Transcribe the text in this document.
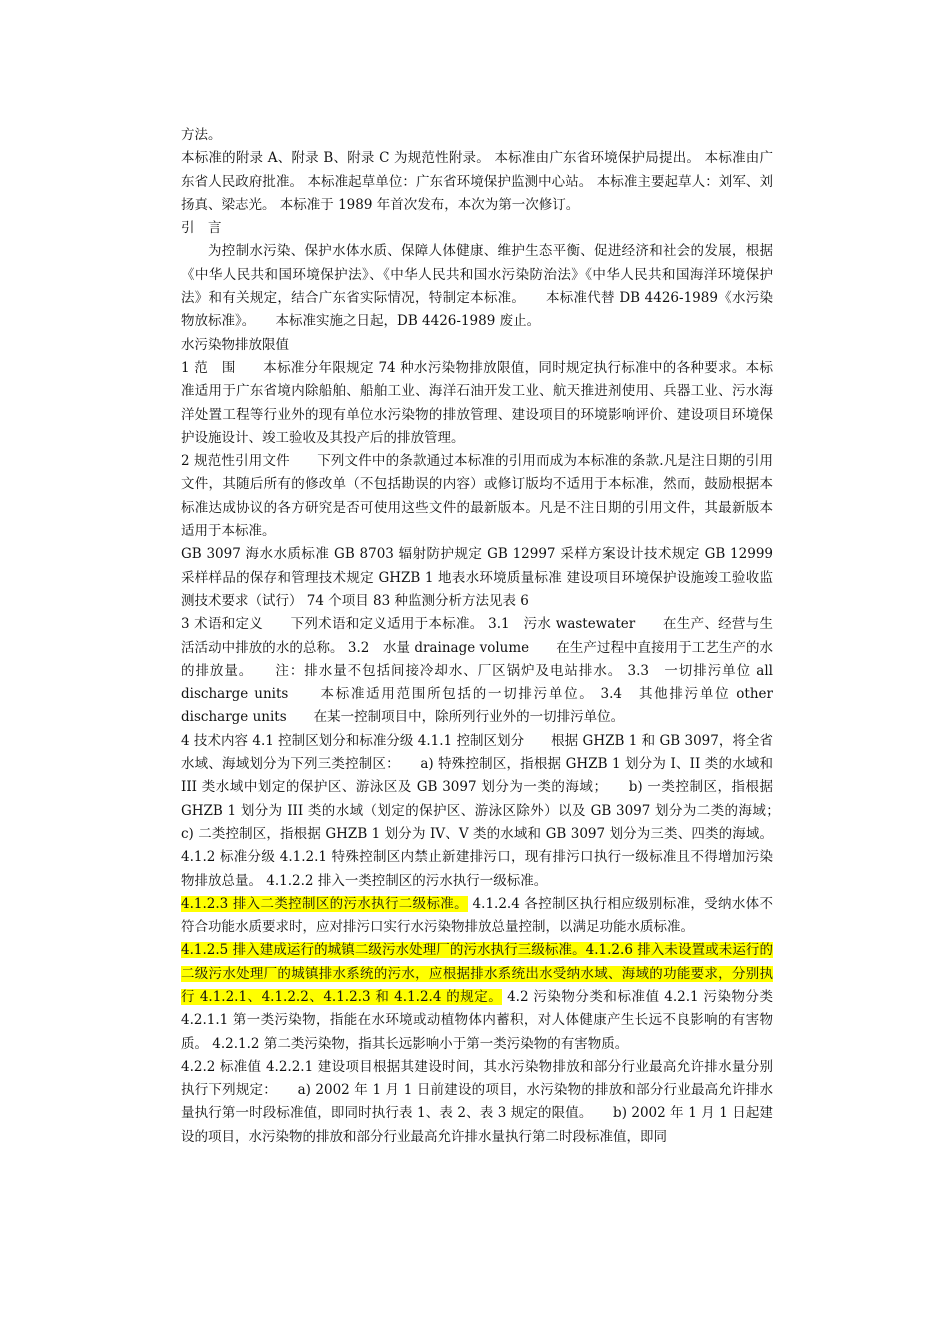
方法。

本标准的附录 A、附录 B、附录 C 为规范性附录。 本标准由广东省环境保护局提出。 本标准由广东省人民政府批准。 本标准起草单位：广东省环境保护监测中心站。 本标准主要起草人：刘军、刘扬真、梁志光。 本标准于 1989 年首次发布，本次为第一次修订。

引　言

为控制水污染、保护水体水质、保障人体健康、维护生态平衡、促进经济和社会的发展，根据《中华人民共和国环境保护法》、《中华人民共和国水污染防治法》《中华人民共和国海洋环境保护法》和有关规定，结合广东省实际情况，特制定本标准。　　本标准代替 DB 4426-1989《水污染物放标准》。　　本标准实施之日起，DB 4426-1989 废止。

水污染物排放限值

1 范　围　　本标准分年限规定 74 种水污染物排放限值，同时规定执行标准中的各种要求。本标准适用于广东省境内除船舶、船舶工业、海洋石油开发工业、航天推进剂使用、兵器工业、污水海洋处置工程等行业外的现有单位水污染物的排放管理、建设项目的环境影响评价、建设项目环境保护设施设计、竣工验收及其投产后的排放管理。

2 规范性引用文件　　下列文件中的条款通过本标准的引用而成为本标准的条款.凡是注日期的引用文件，其随后所有的修改单（不包括勘误的内容）或修订版均不适用于本标准，然而，鼓励根据本标准达成协议的各方研究是否可使用这些文件的最新版本。凡是不注日期的引用文件，其最新版本适用于本标准。

GB 3097 海水水质标准 GB 8703 辐射防护规定 GB 12997 采样方案设计技术规定 GB 12999 采样样品的保存和管理技术规定 GHZB 1 地表水环境质量标准 建设项目环境保护设施竣工验收监测技术要求（试行） 74 个项目 83 种监测分析方法见表 6

3 术语和定义　　下列术语和定义适用于本标准。 3.1　污水 wastewater　　在生产、经营与生活活动中排放的水的总称。 3.2　水量 drainage volume　　在生产过程中直接用于工艺生产的水的排放量。　　注：排水量不包括间接冷却水、厂区锅炉及电站排水。 3.3　一切排污单位 all discharge units　　本标准适用范围所包括的一切排污单位。 3.4　其他排污单位 other discharge units　　在某一控制项目中，除所列行业外的一切排污单位。

4 技术内容 4.1 控制区划分和标准分级 4.1.1 控制区划分　　根据 GHZB 1 和 GB 3097，将全省水域、海域划分为下列三类控制区：　　a) 特殊控制区，指根据 GHZB 1 划分为 I、II 类的水域和 III 类水域中划定的保护区、游泳区及 GB 3097 划分为一类的海域；　　b) 一类控制区，指根据 GHZB 1 划分为 III 类的水域（划定的保护区、游泳区除外）以及 GB 3097 划分为二类的海域；　　c) 二类控制区，指根据 GHZB 1 划分为 IV、V 类的水域和 GB 3097 划分为三类、四类的海域。 4.1.2 标准分级 4.1.2.1 特殊控制区内禁止新建排污口，现有排污口执行一级标准且不得增加污染物排放总量。 4.1.2.2 排入一类控制区的污水执行一级标准。

4.1.2.3 排入二类控制区的污水执行二级标准。 4.1.2.4 各控制区执行相应级别标准，受纳水体不符合功能水质要求时，应对排污口实行水污染物排放总量控制，以满足功能水质标准。

4.1.2.5 排入建成运行的城镇二级污水处理厂的污水执行三级标准。4.1.2.6 排入未设置或未运行的二级污水处理厂的城镇排水系统的污水，应根据排水系统出水受纳水域、海域的功能要求，分别执行 4.1.2.1、4.1.2.2、4.1.2.3 和 4.1.2.4 的规定。 4.2 污染物分类和标准值 4.2.1 污染物分类 4.2.1.1 第一类污染物，指能在水环境或动植物体内蓄积，对人体健康产生长远不良影响的有害物质。 4.2.1.2 第二类污染物，指其长远影响小于第一类污染物的有害物质。

4.2.2 标准值 4.2.2.1 建设项目根据其建设时间，其水污染物排放和部分行业最高允许排水量分别执行下列规定：　　a) 2002 年 1 月 1 日前建设的项目，水污染物的排放和部分行业最高允许排水量执行第一时段标准值，即同时执行表 1、表 2、表 3 规定的限值。　　b) 2002 年 1 月 1 日起建设的项目，水污染物的排放和部分行业最高允许排水量执行第二时段标准值，即同
